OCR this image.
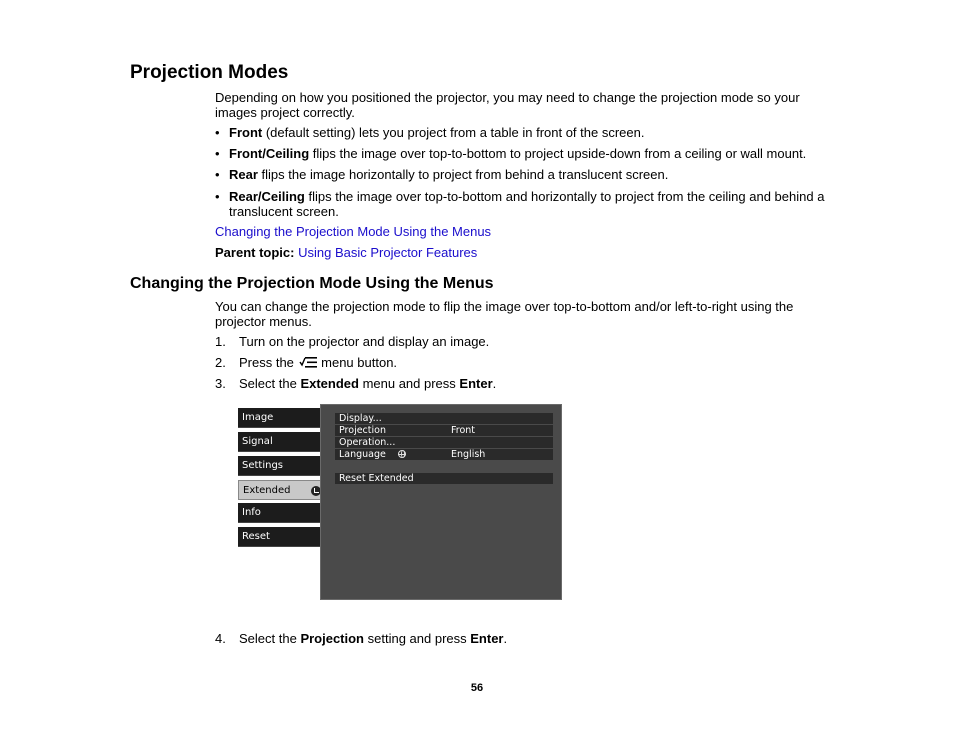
Projection Modes
Depending on how you positioned the projector, you may need to change the projection mode so your images project correctly.
• Front (default setting) lets you project from a table in front of the screen.
• Front/Ceiling flips the image over top-to-bottom to project upside-down from a ceiling or wall mount.
• Rear flips the image horizontally to project from behind a translucent screen.
• Rear/Ceiling flips the image over top-to-bottom and horizontally to project from the ceiling and behind a translucent screen.
Changing the Projection Mode Using the Menus
Parent topic: Using Basic Projector Features
Changing the Projection Mode Using the Menus
You can change the projection mode to flip the image over top-to-bottom and/or left-to-right using the projector menus.
1. Turn on the projector and display an image.
2. Press the  menu button.
3. Select the Extended menu and press Enter.
Image
Signal
Settings
Extended
Info
Reset
Display...
Projection	Front
Operation...
Language	English
Reset Extended
4. Select the Projection setting and press Enter.
56
